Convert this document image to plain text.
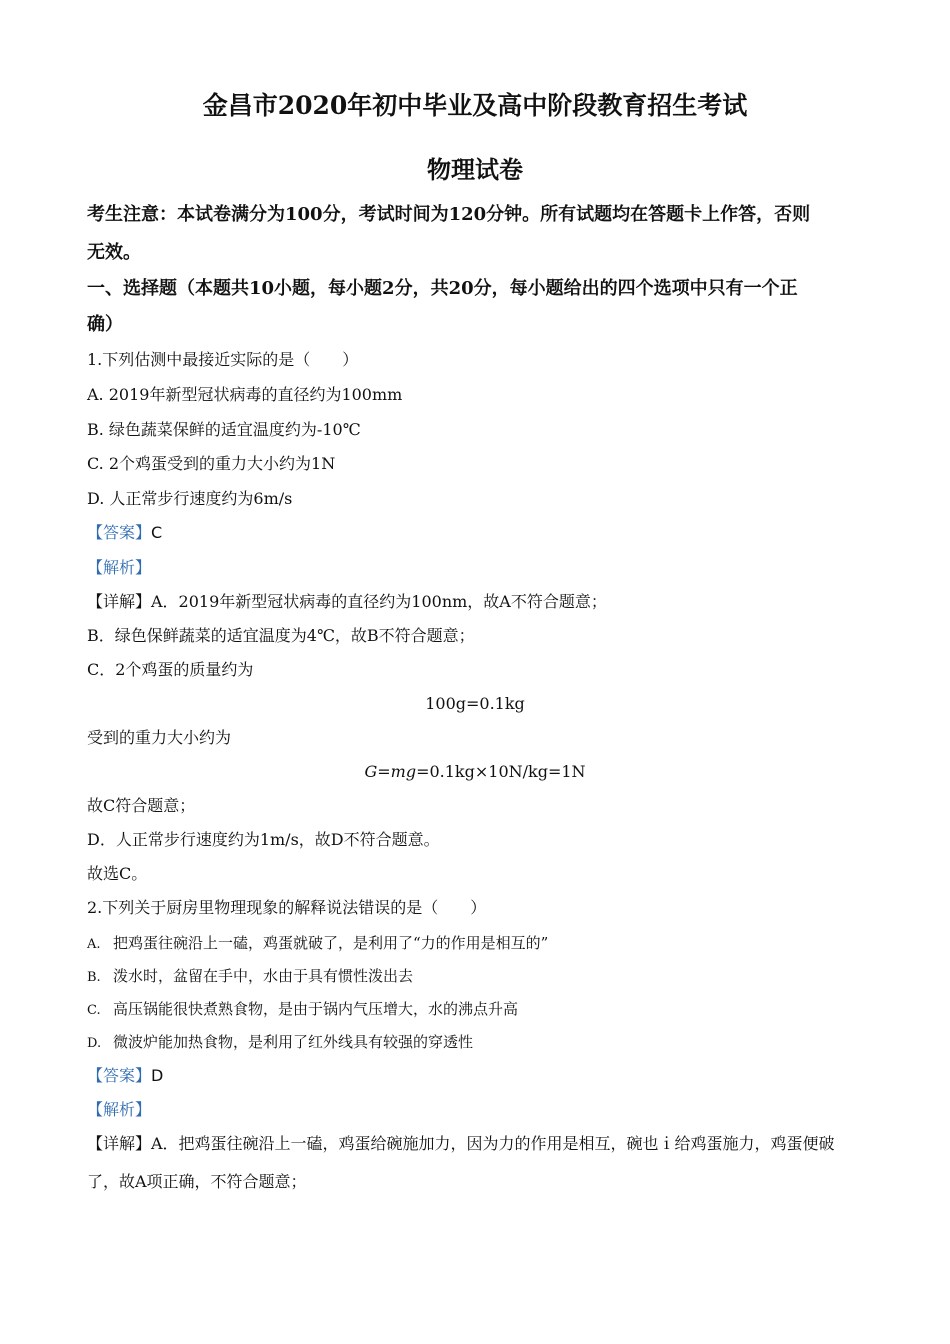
金昌市2020年初中毕业及高中阶段教育招生考试
物理试卷
考生注意：本试卷满分为100分，考试时间为120分钟。所有试题均在答题卡上作答，否则
无效。
一、选择题（本题共10小题，每小题2分，共20分，每小题给出的四个选项中只有一个正
确）
1.下列估测中最接近实际的是（　　）
A. 2019年新型冠状病毒的直径约为100mm
B. 绿色蔬菜保鲜的适宜温度约为-10℃
C. 2个鸡蛋受到的重力大小约为1N
D. 人正常步行速度约为6m/s
【答案】C
【解析】
【详解】A．2019年新型冠状病毒的直径约为100nm，故A不符合题意；
B．绿色保鲜蔬菜的适宜温度为4℃，故B不符合题意；
C．2个鸡蛋的质量约为
100g=0.1kg
受到的重力大小约为
G=mg=0.1kg×10N/kg=1N
故C符合题意；
D．人正常步行速度约为1m/s，故D不符合题意。
故选C。
2.下列关于厨房里物理现象的解释说法错误的是（　　）
A. 把鸡蛋往碗沿上一磕，鸡蛋就破了，是利用了“力的作用是相互的”
B. 泼水时，盆留在手中，水由于具有惯性泼出去
C. 高压锅能很快煮熟食物，是由于锅内气压增大，水的沸点升高
D. 微波炉能加热食物，是利用了红外线具有较强的穿透性
【答案】D
【解析】
【详解】A．把鸡蛋往碗沿上一磕，鸡蛋给碗施加力，因为力的作用是相互，碗也ｉ给鸡蛋施力，鸡蛋便破
了，故A项正确，不符合题意；
